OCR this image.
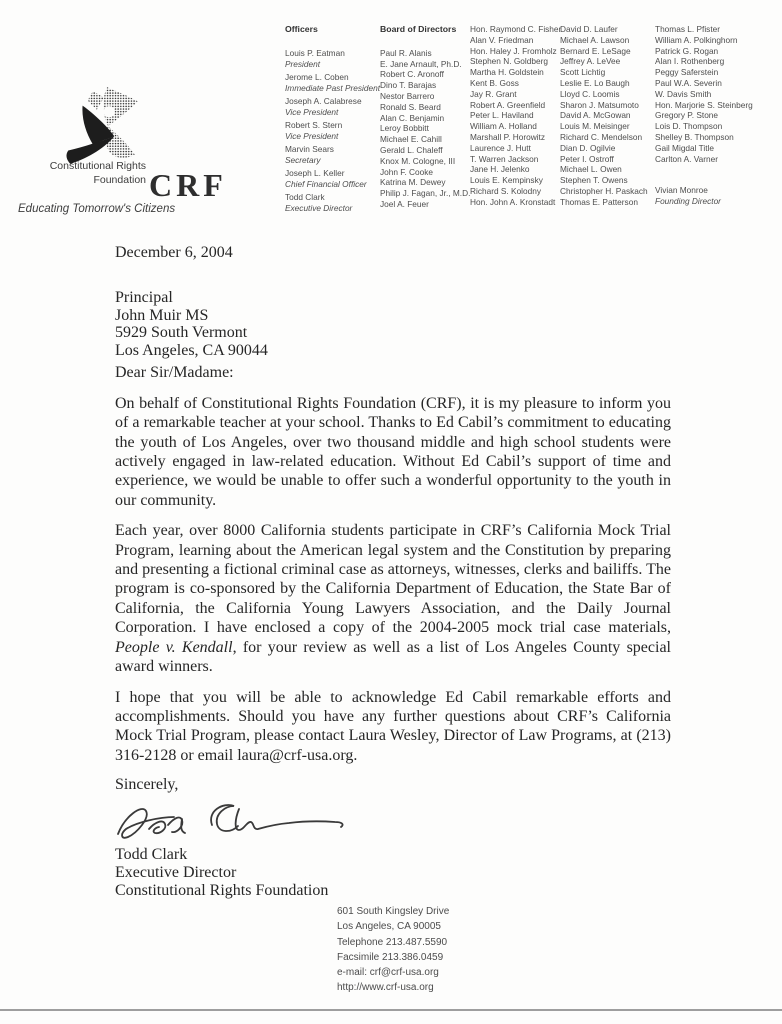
Constitutional Rights
Foundation CRF
Educating Tomorrow's Citizens
Officers
Louis P. Eatman
President
Jerome L. Coben
Immediate Past President
Joseph A. Calabrese
Vice President
Robert S. Stern
Vice President
Marvin Sears
Secretary
Joseph L. Keller
Chief Financial Officer
Todd Clark
Executive Director
Board of Directors
Paul R. Alanis
E. Jane Arnault, Ph.D.
Robert C. Aronoff
Dino T. Barajas
Nestor Barrero
Ronald S. Beard
Alan C. Benjamin
Leroy Bobbitt
Michael E. Cahill
Gerald L. Chaleff
Knox M. Cologne, III
John F. Cooke
Katrina M. Dewey
Philip J. Fagan, Jr., M.D.
Joel A. Feuer
Hon. Raymond C. Fisher
Alan V. Friedman
Hon. Haley J. Fromholz
Stephen N. Goldberg
Martha H. Goldstein
Kent B. Goss
Jay R. Grant
Robert A. Greenfield
Peter L. Haviland
William A. Holland
Marshall P. Horowitz
Laurence J. Hutt
T. Warren Jackson
Jane H. Jelenko
Louis E. Kempinsky
Richard S. Kolodny
Hon. John A. Kronstadt
David D. Laufer
Michael A. Lawson
Bernard E. LeSage
Jeffrey A. LeVee
Scott Lichtig
Leslie E. Lo Baugh
Lloyd C. Loomis
Sharon J. Matsumoto
David A. McGowan
Louis M. Meisinger
Richard C. Mendelson
Dian D. Ogilvie
Peter I. Ostroff
Michael L. Owen
Stephen T. Owens
Christopher H. Paskach
Thomas E. Patterson
Thomas L. Pfister
William A. Polkinghorn
Patrick G. Rogan
Alan I. Rothenberg
Peggy Saferstein
Paul W.A. Severin
W. Davis Smith
Hon. Marjorie S. Steinberg
Gregory P. Stone
Lois D. Thompson
Shelley B. Thompson
Gail Migdal Title
Carlton A. Varner
Vivian Monroe
Founding Director

December 6, 2004

Principal
John Muir MS
5929 South Vermont
Los Angeles, CA 90044

Dear Sir/Madame:

On behalf of Constitutional Rights Foundation (CRF), it is my pleasure to inform you of a remarkable teacher at your school. Thanks to Ed Cabil’s commitment to educating the youth of Los Angeles, over two thousand middle and high school students were actively engaged in law-related education. Without Ed Cabil’s support of time and experience, we would be unable to offer such a wonderful opportunity to the youth in our community.

Each year, over 8000 California students participate in CRF’s California Mock Trial Program, learning about the American legal system and the Constitution by preparing and presenting a fictional criminal case as attorneys, witnesses, clerks and bailiffs. The program is co-sponsored by the California Department of Education, the State Bar of California, the California Young Lawyers Association, and the Daily Journal Corporation. I have enclosed a copy of the 2004-2005 mock trial case materials, People v. Kendall, for your review as well as a list of Los Angeles County special award winners.

I hope that you will be able to acknowledge Ed Cabil remarkable efforts and accomplishments. Should you have any further questions about CRF’s California Mock Trial Program, please contact Laura Wesley, Director of Law Programs, at (213) 316-2128 or email laura@crf-usa.org.

Sincerely,

Todd Clark
Executive Director
Constitutional Rights Foundation
601 South Kingsley Drive
Los Angeles, CA 90005
Telephone 213.487.5590
Facsimile 213.386.0459
e-mail: crf@crf-usa.org
http://www.crf-usa.org
